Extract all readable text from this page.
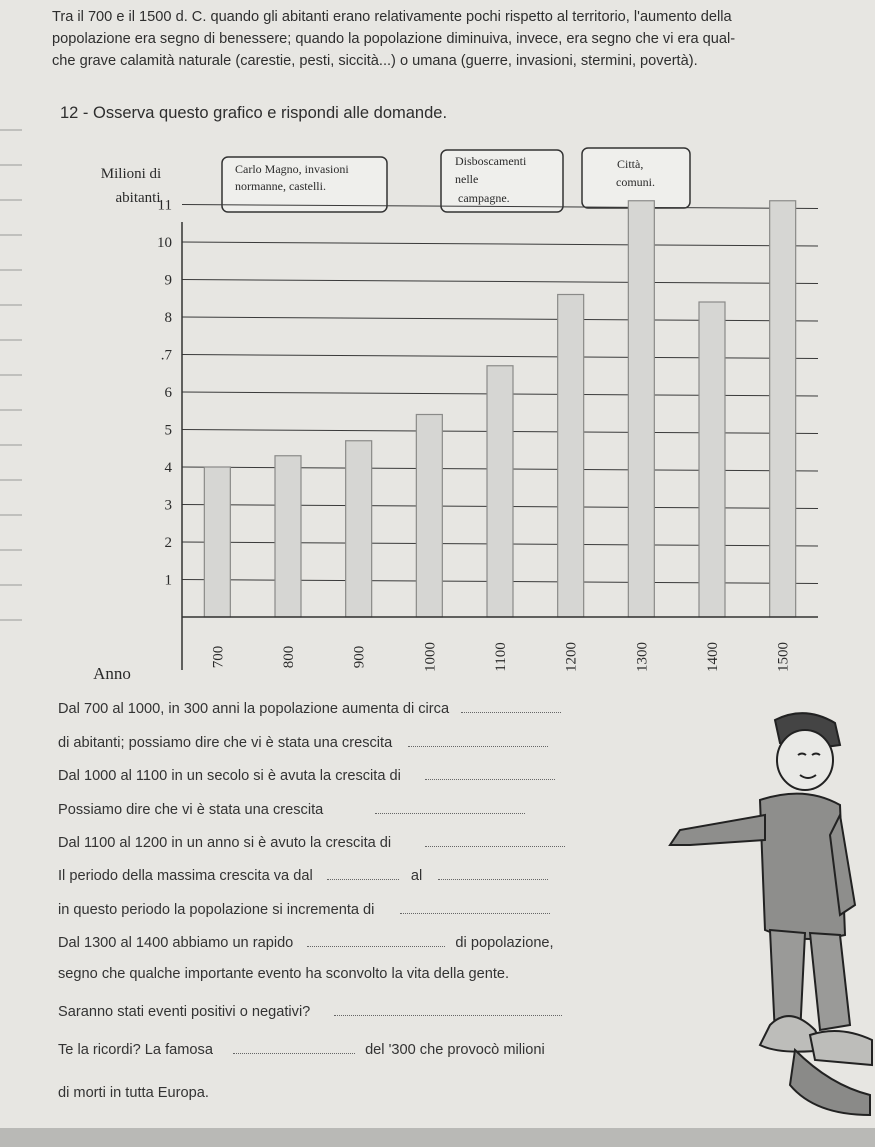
Tra il 700 e il 1500 d. C. quando gli abitanti erano relativamente pochi rispetto al territorio, l'aumento della

popolazione era segno di benessere; quando la popolazione diminuiva, invece, era segno che vi era qual-

che grave calamità naturale (carestie, pesti, siccità...) o umana (guerre, invasioni, stermini, povertà).

12 - Osserva questo grafico e rispondi alle domande.
Milioni di
abitanti
Anno
Carlo Magno, invasioni
normanne, castelli.
Disboscamenti
nelle
campagne.
Città,
comuni.
1
2
3
4
5
6
.7
8
9
10
11
700	800	900	1000	1100	1200	1300	1400	1500
Dal 700 al 1000, in 300 anni la popolazione aumenta di circa
di abitanti; possiamo dire che vi è stata una crescita
Dal 1000 al 1100 in un secolo si è avuta la crescita di
Possiamo dire che vi è stata una crescita
Dal 1100 al 1200 in un anno si è avuto la crescita di
Il periodo della massima crescita va dal	al
in questo periodo la popolazione si incrementa di
Dal 1300 al 1400 abbiamo un rapido	di popolazione,
segno che qualche importante evento ha sconvolto la vita della gente.
Saranno stati eventi positivi o negativi?
Te la ricordi? La famosa	del '300 che provocò milioni
di morti in tutta Europa.
